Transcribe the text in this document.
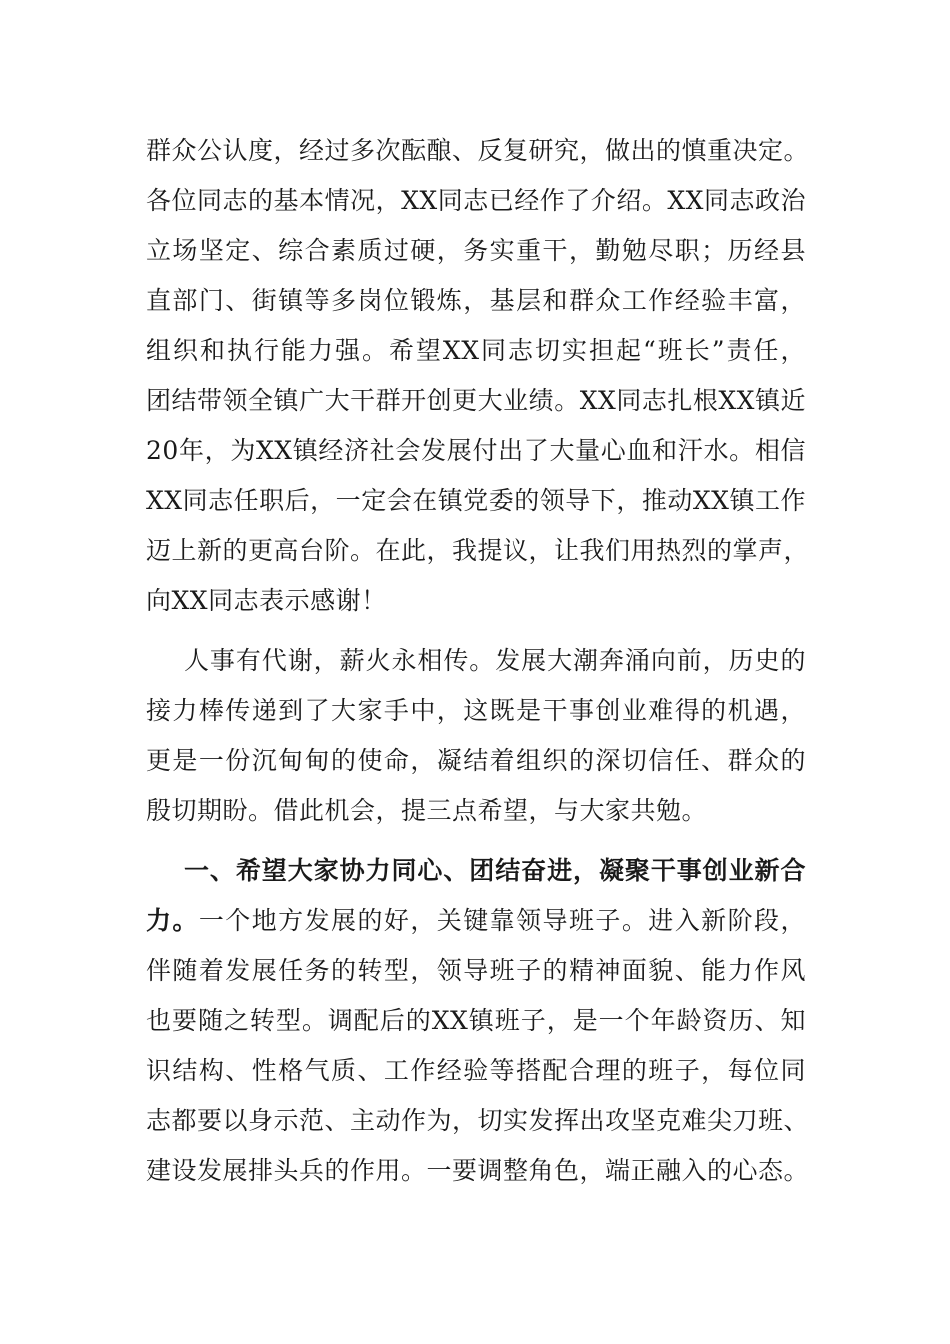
群众公认度，经过多次酝酿、反复研究，做出的慎重决定。
各位同志的基本情况，XX同志已经作了介绍。XX同志政治
立场坚定、综合素质过硬，务实重干，勤勉尽职；历经县
直部门、街镇等多岗位锻炼，基层和群众工作经验丰富，
组织和执行能力强。希望XX同志切实担起“班长”责任，
团结带领全镇广大干群开创更大业绩。XX同志扎根XX镇近
20年，为XX镇经济社会发展付出了大量心血和汗水。相信
XX同志任职后，一定会在镇党委的领导下，推动XX镇工作
迈上新的更高台阶。在此，我提议，让我们用热烈的掌声，
向XX同志表示感谢！
人事有代谢，薪火永相传。发展大潮奔涌向前，历史的
接力棒传递到了大家手中，这既是干事创业难得的机遇，
更是一份沉甸甸的使命，凝结着组织的深切信任、群众的
殷切期盼。借此机会，提三点希望，与大家共勉。
一、希望大家协力同心、团结奋进，凝聚干事创业新合
力。一个地方发展的好，关键靠领导班子。进入新阶段，
伴随着发展任务的转型，领导班子的精神面貌、能力作风
也要随之转型。调配后的XX镇班子，是一个年龄资历、知
识结构、性格气质、工作经验等搭配合理的班子，每位同
志都要以身示范、主动作为，切实发挥出攻坚克难尖刀班、
建设发展排头兵的作用。一要调整角色，端正融入的心态。
